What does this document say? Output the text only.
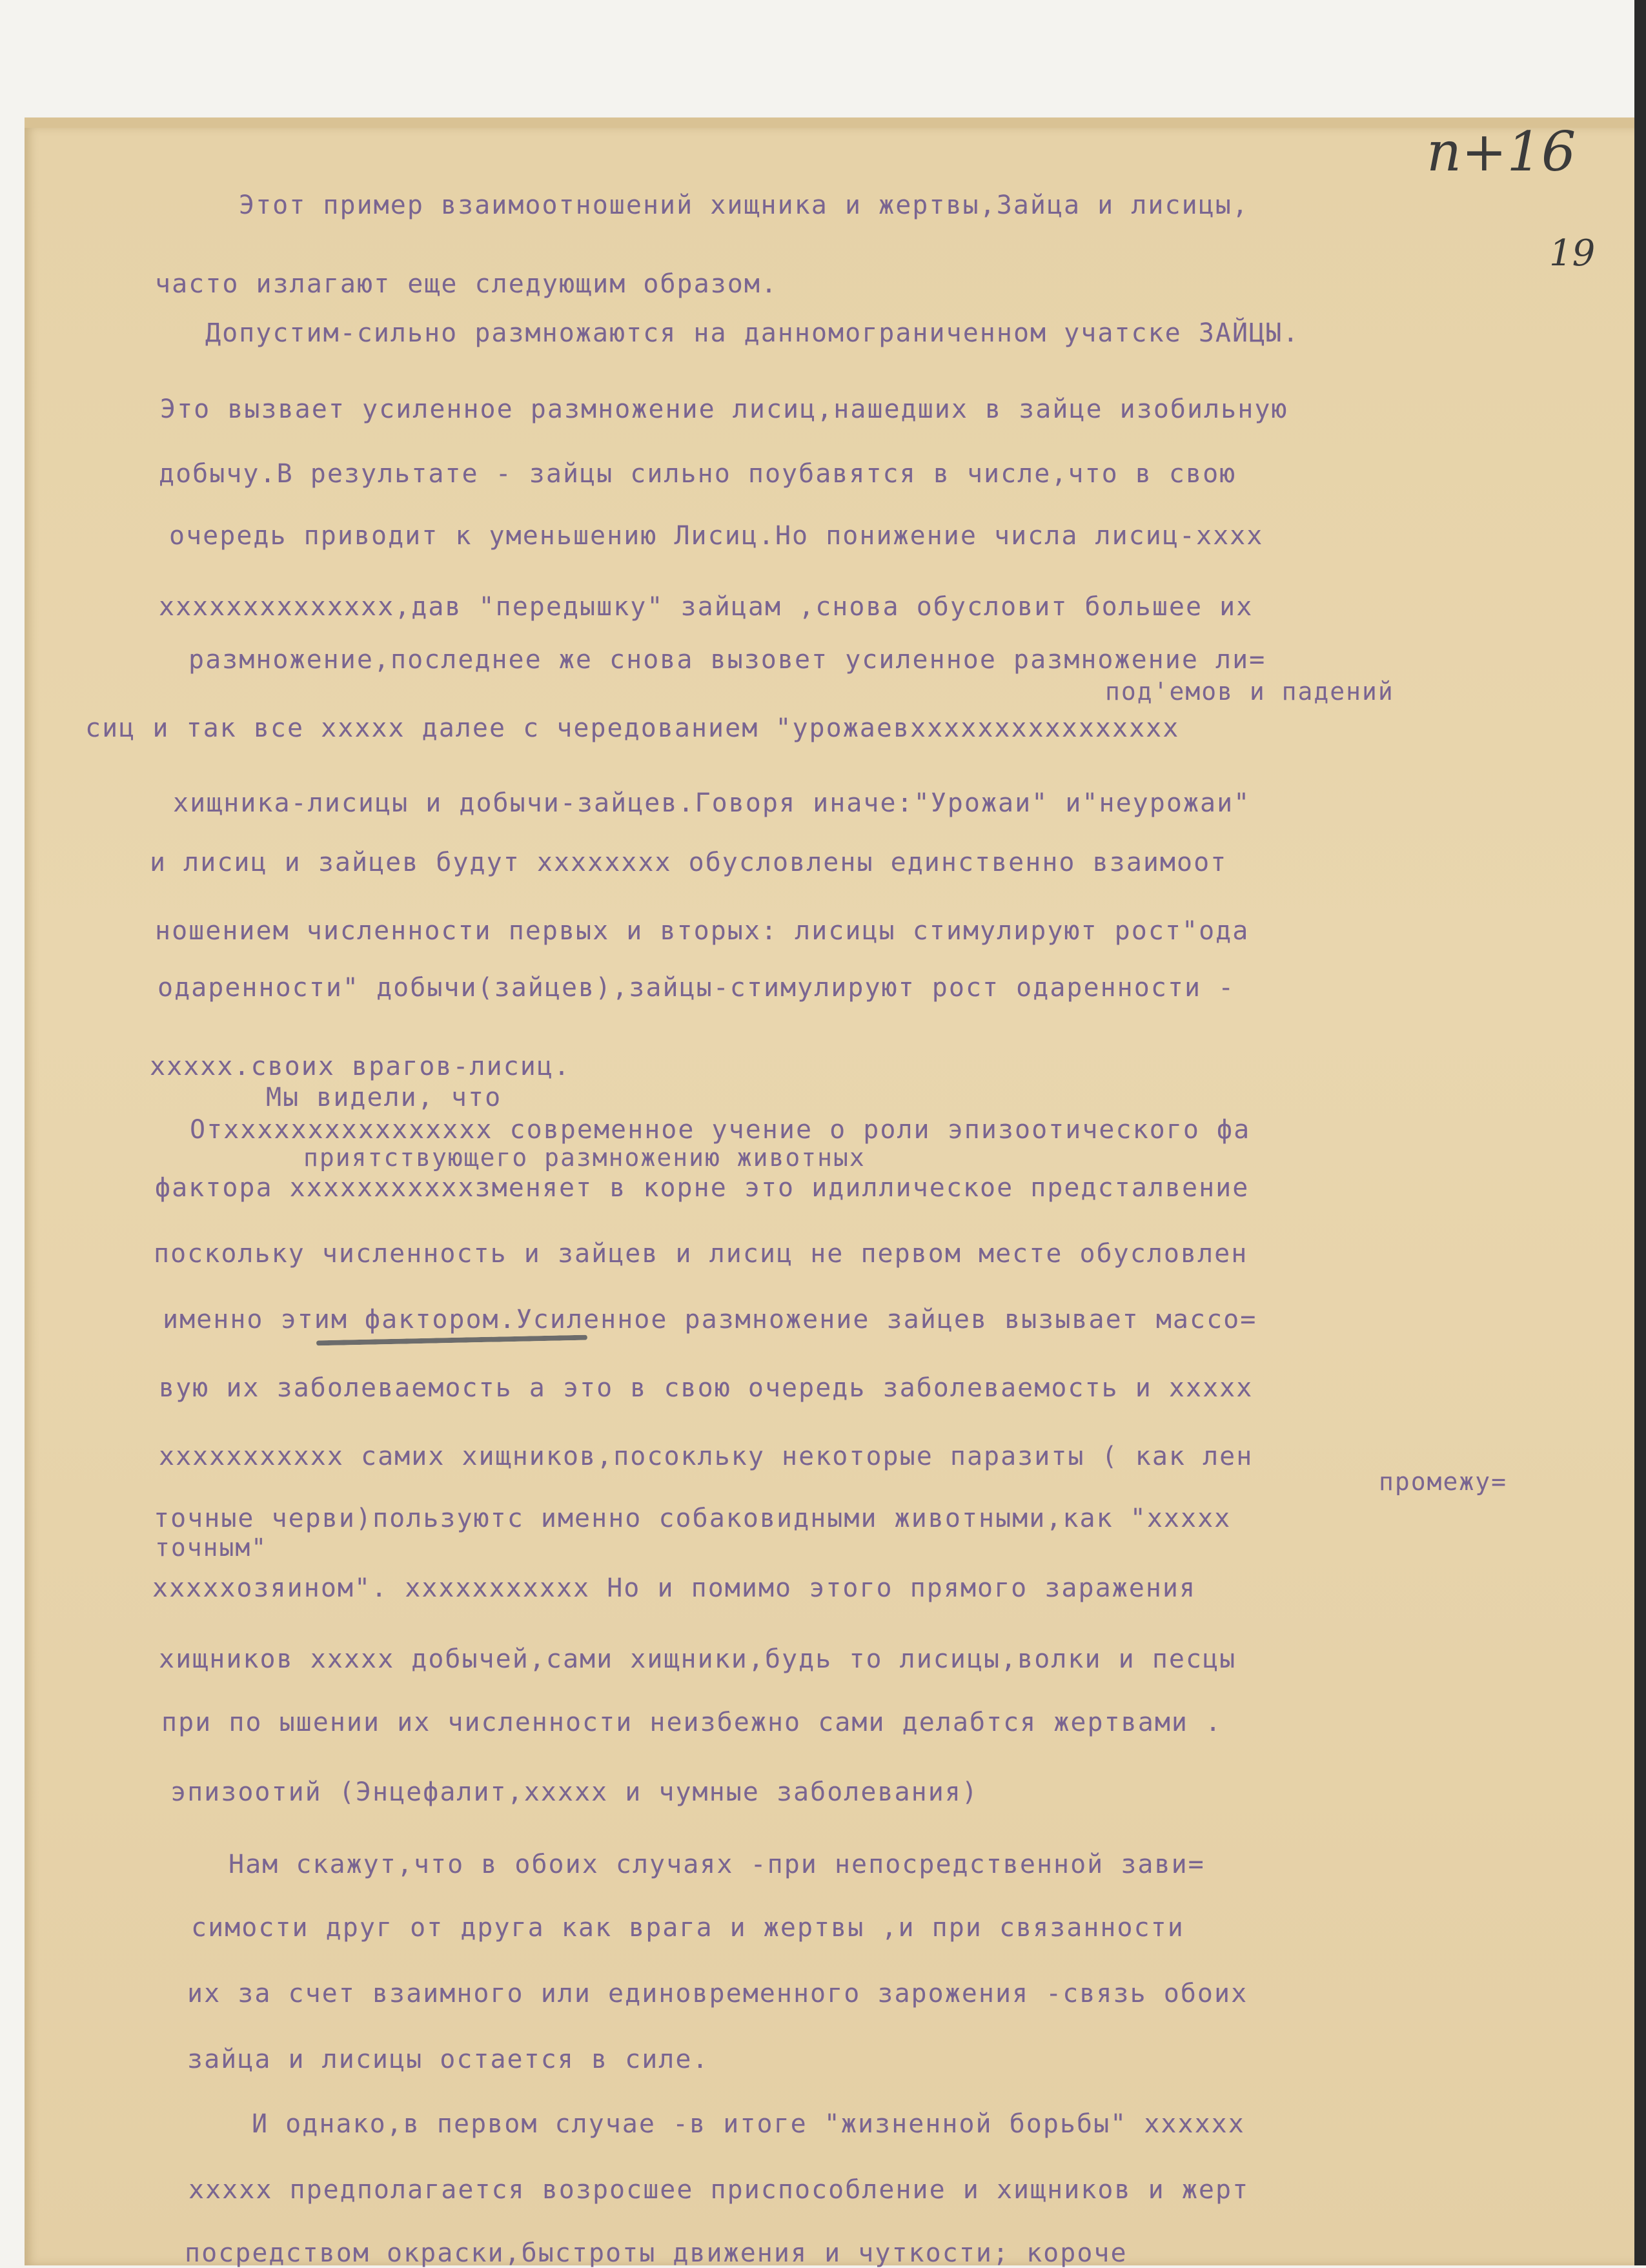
n+16
19
Этот пример взаимоотношений хищника и жертвы,Зайца и лисицы,
часто излагают еще следующим образом.
Допустим-сильно размножаются на данномограниченном учатске ЗАЙЦЫ.
Это вызвает усиленное размножение лисиц,нашедших в зайце изобильную
добычу.В результате - зайцы сильно поубавятся в числе,что в свою
очередь приводит к уменьшению Лисиц.Но понижение числа лисиц-хххх
хххххххххххххх,дав "передышку" зайцам ,снова обусловит большее их
размножение,последнее же снова вызовет усиленное размножение ли=
под'емов и падений
сиц и так все ххххх далее с чередованием "урожаевхххххххххххххххх
хищника-лисицы и добычи-зайцев.Говоря иначе:"Урожаи" и"неурожаи"
и лисиц и зайцев будут хххххххх обусловлены единственно взаимоот
ношением численности первых и вторых: лисицы стимулируют рост"ода
одаренности" добычи(зайцев),зайцы-стимулируют рост одаренности -
ххххх.своих врагов-лисиц.
Мы видели, что
Отхххххххххххххххх современное учение о роли эпизоотического фа
приятствующего размножению животных
фактора хххххххххххзменяет в корне это идиллическое предсталвение
поскольку численность и зайцев и лисиц не первом месте обусловлен
именно этим фактором.Усиленное размножение зайцев вызывает массо=
вую их заболеваемость а это в свою очередь заболеваемость и ххххх
ххххххххххх самих хищников,посокльку некоторые паразиты ( как лен
промежу=
точные черви)пользуютс именно собаковидными животными,как "ххххх
точным"
хххххозяином". ххххххххххх Но и помимо этого прямого заражения
хищников ххххх добычей,сами хищники,будь то лисицы,волки и песцы
при по ышении их численности неизбежно сами делабтся жертвами .
эпизоотий (Энцефалит,ххххх и чумные заболевания)
Нам скажут,что в обоих случаях -при непосредственной зави=
симости друг от друга как врага и жертвы ,и при связанности
их за счет взаимного или единовременного зарожения -связь обоих
зайца и лисицы остается в силе.
И однако,в первом случае -в итоге "жизненной борьбы" хххххх
ххххх предполагается возросшее приспособление и хищников и жерт
посредством окраски,быстроты движения и чуткости; короче
